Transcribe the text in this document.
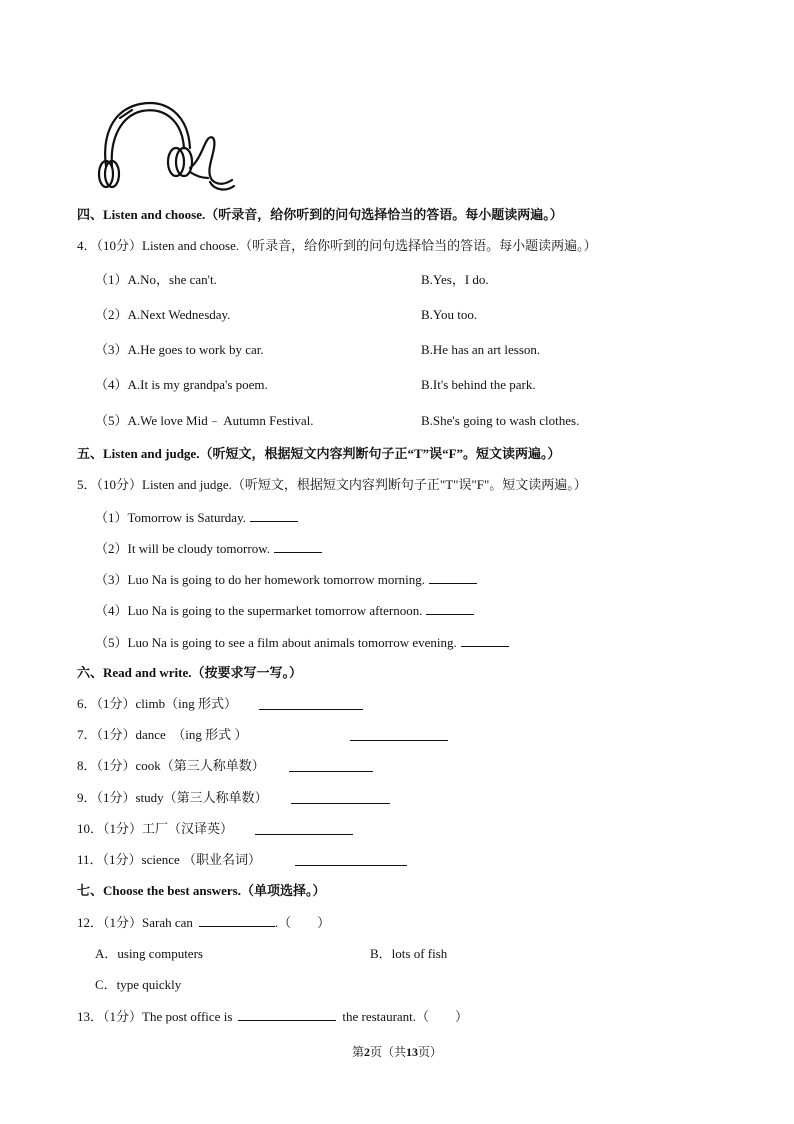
四、Listen and choose.（听录音，给你听到的问句选择恰当的答语。每小题读两遍。）
4．（10分）Listen and choose.（听录音，给你听到的问句选择恰当的答语。每小题读两遍。）
（1）A.No，she can't.	B.Yes，I do.
（2）A.Next Wednesday.	B.You too.
（3）A.He goes to work by car.	B.He has an art lesson.
（4）A.It is my grandpa's poem.	B.It's behind the park.
（5）A.We love Mid﹣ Autumn Festival.	B.She's going to wash clothes.
五、Listen and judge.（听短文，根据短文内容判断句子正“T”误“F”。短文读两遍。）
5．（10分）Listen and judge.（听短文，根据短文内容判断句子正"T"误"F"。短文读两遍。）
（1）Tomorrow is Saturday.
（2）It will be cloudy tomorrow.
（3）Luo Na is going to do her homework tomorrow morning.
（4）Luo Na is going to the supermarket tomorrow afternoon.
（5）Luo Na is going to see a film about animals tomorrow evening.
六、Read and write.（按要求写一写。）
6．（1分）climb（ing 形式）
7．（1分）dance　（ing 形式 ）
8．（1分）cook（第三人称单数）
9．（1分）study（第三人称单数）
10．（1分）工厂（汉译英）
11．（1分）science （职业名词）
七、Choose the best answers.（单项选择。）
12．（1分）Sarah can	.（　　）
A．using computers	B．lots of fish
C．type quickly
13．（1分）The post office is	the restaurant.（　　）
第2页（共13页）
